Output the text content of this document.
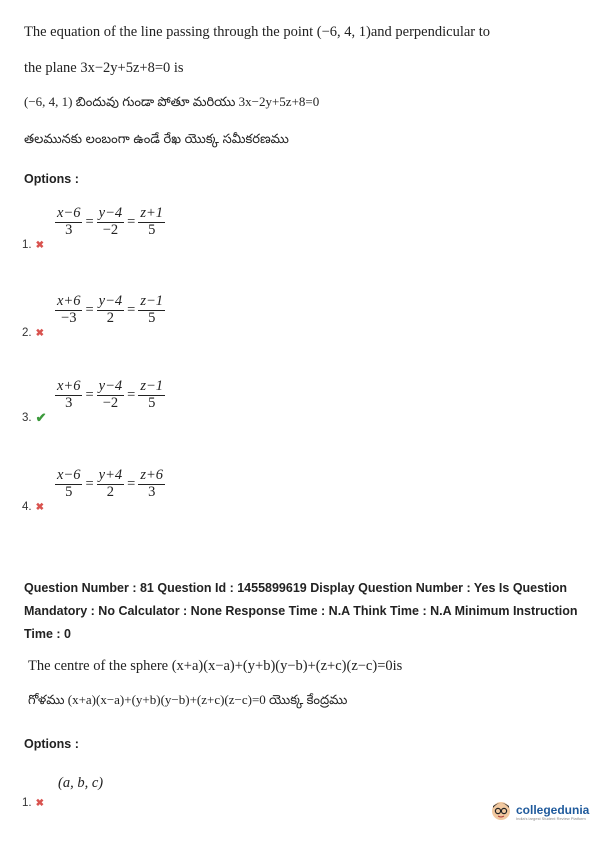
The equation of the line passing through the point (−6, 4, 1)and perpendicular to
the plane 3x−2y+5z+8=0 is
(−6, 4, 1) బిందువు గుండా పోతూ మరియు 3x−2y+5z+8=0
తలమునకు లంబంగా ఉండే రేఖ యొక్క సమీకరణము
Options :
$\frac{x-6}{3} = \frac{y-4}{-2} = \frac{z+1}{5}$
1. ✖
$\frac{x+6}{-3} = \frac{y-4}{2} = \frac{z-1}{5}$
2. ✖
$\frac{x+6}{3} = \frac{y-4}{-2} = \frac{z-1}{5}$
3. ✔
$\frac{x-6}{5} = \frac{y+4}{2} = \frac{z+6}{3}$
4. ✖
Question Number : 81 Question Id : 1455899619 Display Question Number : Yes Is Question
Mandatory : No Calculator : None Response Time : N.A Think Time : N.A Minimum Instruction
Time : 0
The centre of the sphere (x+a)(x−a)+(y+b)(y−b)+(z+c)(z−c)=0is
గోళము (x+a)(x−a)+(y+b)(y−b)+(z+c)(z−c)=0 యొక్క కేంద్రము
Options :
(a, b, c)
1. ✖	collegedunia
India's largest Student Review Platform
